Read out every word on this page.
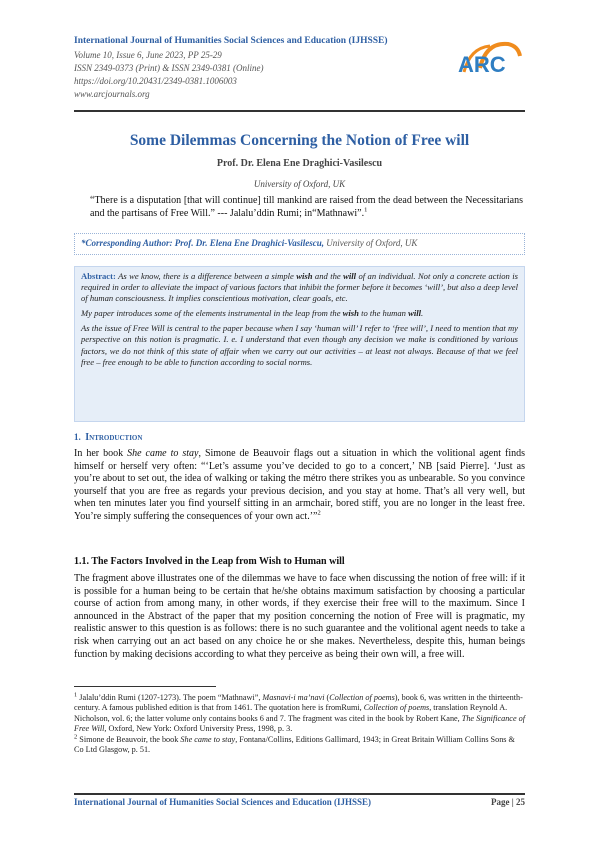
International Journal of Humanities Social Sciences and Education (IJHSSE)
Volume 10, Issue 6, June 2023, PP 25-29
ISSN 2349-0373 (Print) & ISSN 2349-0381 (Online)
https://doi.org/10.20431/2349-0381.1006003
www.arcjournals.org
ARC
Some Dilemmas Concerning the Notion of Free will
Prof. Dr. Elena Ene Draghici-Vasilescu
University of Oxford, UK
“There is a disputation [that will continue] till mankind are raised from the dead between the Necessitarians and the partisans of Free Will.” --- Jalalu’ddin Rumi; in“Mathnawi”.$^1$
*Corresponding Author: Prof. Dr. Elena Ene Draghici-Vasilescu, University of Oxford, UK

Abstract: As we know, there is a difference between a simple wish and the will of an individual. Not only a concrete action is required in order to alleviate the impact of various factors that inhibit the former before it becomes ‘will’, but also a deep level of human consciousness. It implies conscientious motivation, clear goals, etc.

My paper introduces some of the elements instrumental in the leap from the wish to the human will.

As the issue of Free Will is central to the paper because when I say ‘human will’ I refer to ‘free will’, I need to mention that my perspective on this notion is pragmatic. I. e. I understand that even though any decision we make is conditioned by various factors, we do not think of this state of affair when we carry out our activities – at least not always. Because of that we feel free – free enough to be able to function according to social norms.

1. Introduction

In her book She came to stay, Simone de Beauvoir flags out a situation in which the volitional agent finds himself or herself very often: “‘Let’s assume you’ve decided to go to a concert,’ NB [said Pierre]. ‘Just as you’re about to set out, the idea of walking or taking the métro there strikes you as unbearable. So you convince yourself that you are free as regards your previous decision, and you stay at home. That’s all very well, but when ten minutes later you find yourself sitting in an armchair, bored stiff, you are no longer in the least free. You’re simply suffering the consequences of your own act.’”$^2$

1.1. The Factors Involved in the Leap from Wish to Human will

The fragment above illustrates one of the dilemmas we have to face when discussing the notion of free will: if it is possible for a human being to be certain that he/she obtains maximum satisfaction by choosing a particular course of action from among many, in other words, if they exercise their free will to the maximum. Since I announced in the Abstract of the paper that my position concerning the notion of Free will is pragmatic, my realistic answer to this question is as follows: there is no such guarantee and the volitional agent needs to take a risk when carrying out an act based on any choice he or she makes. Nevertheless, despite this, human beings function by making decisions according to what they perceive as being their own will, a free will.

$^1$ Jalalu’ddin Rumi (1207-1273). The poem “Mathnawi”, Masnavi-i ma’navi (Collection of poems), book 6, was written in the thirteenth-century. A famous published edition is that from 1461. The quotation here is fromRumi, Collection of poems, translation Reynold A. Nicholson, vol. 6; the latter volume only contains books 6 and 7. The fragment was cited in the book by Robert Kane, The Significance of Free Will, Oxford, New York: Oxford University Press, 1998, p. 3.

$^2$ Simone de Beauvoir, the book She came to stay, Fontana/Collins, Editions Gallimard, 1943; in Great Britain William Collins Sons & Co Ltd Glasgow, p. 51.

International Journal of Humanities Social Sciences and Education (IJHSSE)	Page | 25
